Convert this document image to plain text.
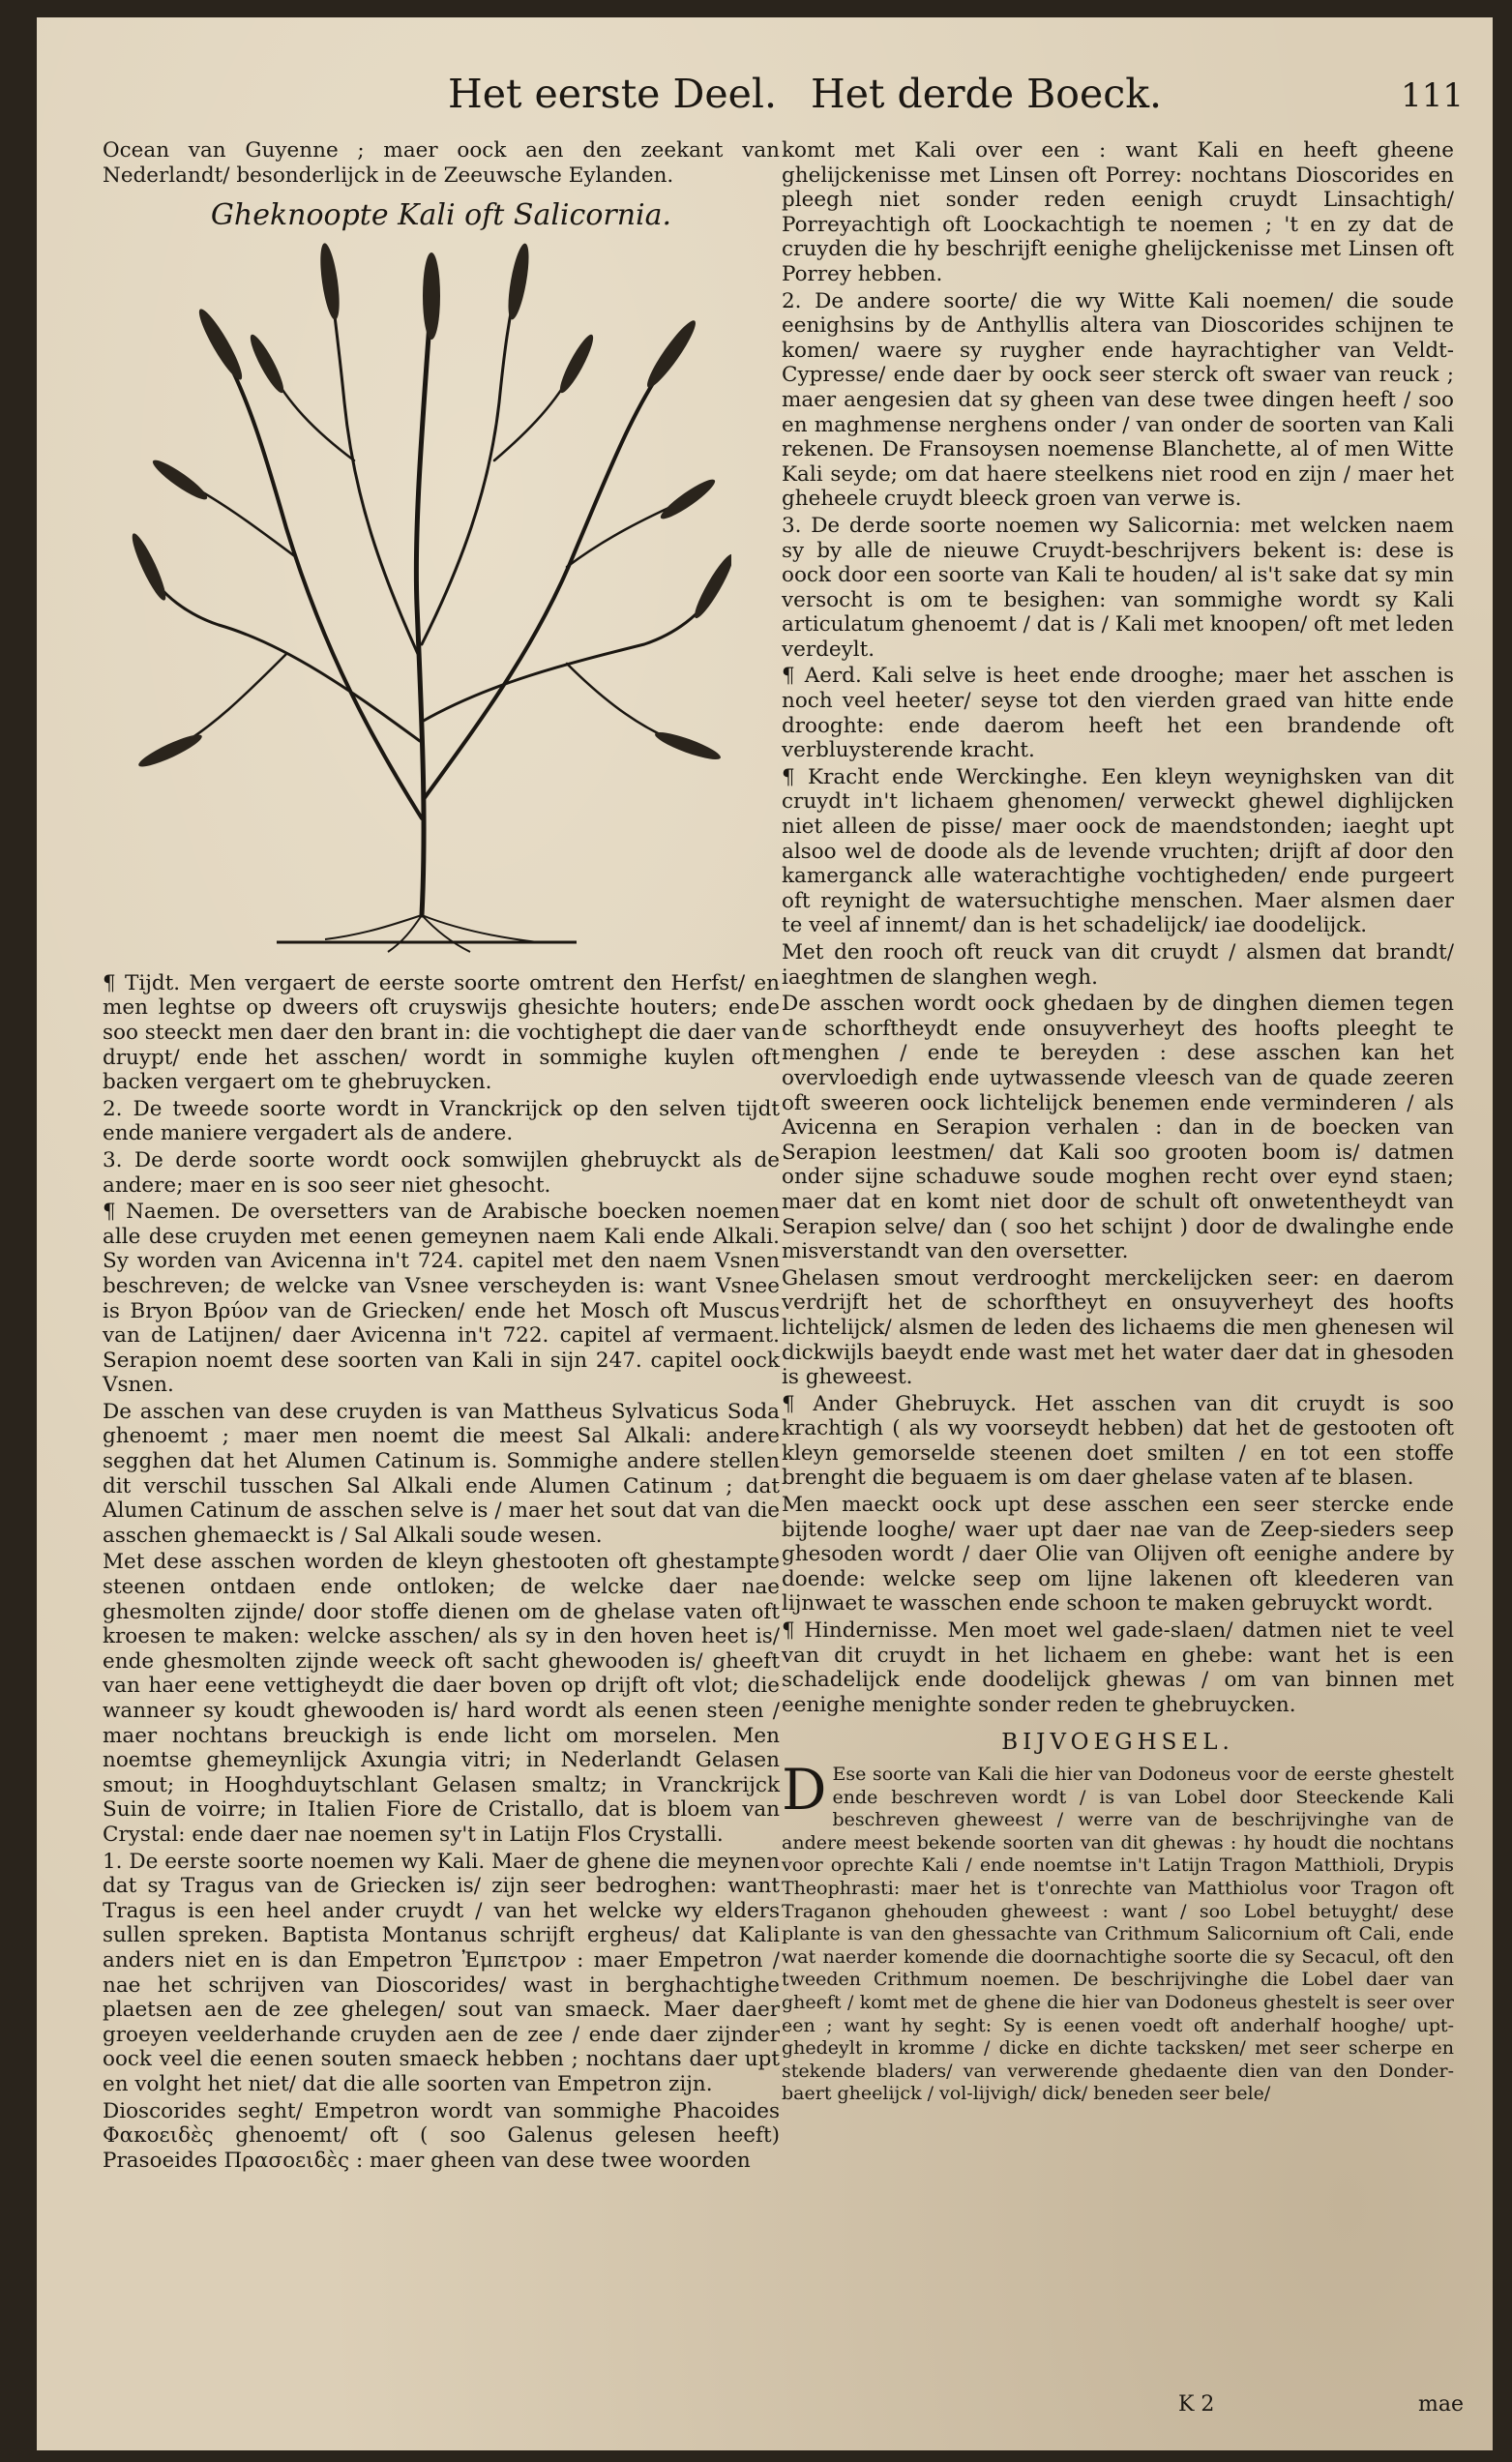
Het eerste Deel. Het derde Boeck.	111

Ocean van Guyenne ; maer oock aen den zeekant van Nederlandt/ besonderlijck in de Zeeuwsche Eylanden.

Gheknoopte Kali oft Salicornia.

¶ Tijdt. Men vergaert de eerste soorte omtrent den Herfst/ en men leghtse op dweers oft cruyswijs ghesichte houters; ende soo steeckt men daer den brant in: die vochtighept die daer van druypt/ ende het asschen/ wordt in sommighe kuylen oft backen vergaert om te ghebruycken.

2. De tweede soorte wordt in Vranckrijck op den selven tijdt ende maniere vergadert als de andere.

3. De derde soorte wordt oock somwijlen ghebruyckt als de andere; maer en is soo seer niet ghesocht.

¶ Naemen. De oversetters van de Arabische boecken noemen alle dese cruyden met eenen gemeynen naem Kali ende Alkali. Sy worden van Avicenna in't 724. capitel met den naem Vsnen beschreven; de welcke van Vsnee verscheyden is: want Vsnee is Bryon Βρύον van de Griecken/ ende het Mosch oft Muscus van de Latijnen/ daer Avicenna in't 722. capitel af vermaent. Serapion noemt dese soorten van Kali in sijn 247. capitel oock Vsnen.

De asschen van dese cruyden is van Mattheus Sylvaticus Soda ghenoemt ; maer men noemt die meest Sal Alkali: andere segghen dat het Alumen Catinum is. Sommighe andere stellen dit verschil tusschen Sal Alkali ende Alumen Catinum ; dat Alumen Catinum de asschen selve is / maer het sout dat van die asschen ghemaeckt is / Sal Alkali soude wesen.

Met dese asschen worden de kleyn ghestooten oft ghestampte steenen ontdaen ende ontloken; de welcke daer nae ghesmolten zijnde/ door stoffe dienen om de ghelase vaten oft kroesen te maken: welcke asschen/ als sy in den hoven heet is/ ende ghesmolten zijnde weeck oft sacht ghewooden is/ gheeft van haer eene vettigheydt die daer boven op drijft oft vlot; die wanneer sy koudt ghewooden is/ hard wordt als eenen steen / maer nochtans breuckigh is ende licht om morselen. Men noemtse ghemeynlijck Axungia vitri; in Nederlandt Gelasen smout; in Hooghduytschlant Gelasen smaltz; in Vranckrijck Suin de voirre; in Italien Fiore de Cristallo, dat is bloem van Crystal: ende daer nae noemen sy't in Latijn Flos Crystalli.

1. De eerste soorte noemen wy Kali. Maer de ghene die meynen dat sy Tragus van de Griecken is/ zijn seer bedroghen: want Tragus is een heel ander cruydt / van het welcke wy elders sullen spreken. Baptista Montanus schrijft ergheus/ dat Kali anders niet en is dan Empetron Ἐμπετρον : maer Empetron / nae het schrijven van Dioscorides/ wast in berghachtighe plaetsen aen de zee ghelegen/ sout van smaeck. Maer daer groeyen veelderhande cruyden aen de zee / ende daer zijnder oock veel die eenen souten smaeck hebben ; nochtans daer upt en volght het niet/ dat die alle soorten van Empetron zijn.

Dioscorides seght/ Empetron wordt van sommighe Phacoides Φακοειδὲς ghenoemt/ oft ( soo Galenus gelesen heeft) Prasoeides Πρασοειδὲς : maer gheen van dese twee woorden

komt met Kali over een : want Kali en heeft gheene ghelijckenisse met Linsen oft Porrey: nochtans Dioscorides en pleegh niet sonder reden eenigh cruydt Linsachtigh/ Porreyachtigh oft Loockachtigh te noemen ; 't en zy dat de cruyden die hy beschrijft eenighe ghelijckenisse met Linsen oft Porrey hebben.

2. De andere soorte/ die wy Witte Kali noemen/ die soude eenighsins by de Anthyllis altera van Dioscorides schijnen te komen/ waere sy ruygher ende hayrachtigher van Veldt-Cypresse/ ende daer by oock seer sterck oft swaer van reuck ; maer aengesien dat sy gheen van dese twee dingen heeft / soo en maghmense nerghens onder / van onder de soorten van Kali rekenen. De Fransoysen noemense Blanchette, al of men Witte Kali seyde; om dat haere steelkens niet rood en zijn / maer het gheheele cruydt bleeck groen van verwe is.

3. De derde soorte noemen wy Salicornia: met welcken naem sy by alle de nieuwe Cruydt-beschrijvers bekent is: dese is oock door een soorte van Kali te houden/ al is't sake dat sy min versocht is om te besighen: van sommighe wordt sy Kali articulatum ghenoemt / dat is / Kali met knoopen/ oft met leden verdeylt.

¶ Aerd. Kali selve is heet ende drooghe; maer het asschen is noch veel heeter/ seyse tot den vierden graed van hitte ende drooghte: ende daerom heeft het een brandende oft verbluysterende kracht.

¶ Kracht ende Werckinghe. Een kleyn weynighsken van dit cruydt in't lichaem ghenomen/ verweckt ghewel dighlijcken niet alleen de pisse/ maer oock de maendstonden; iaeght upt alsoo wel de doode als de levende vruchten; drijft af door den kamerganck alle waterachtighe vochtigheden/ ende purgeert oft reynight de watersuchtighe menschen. Maer alsmen daer te veel af innemt/ dan is het schadelijck/ iae doodelijck.

Met den rooch oft reuck van dit cruydt / alsmen dat brandt/ iaeghtmen de slanghen wegh.

De asschen wordt oock ghedaen by de dinghen diemen tegen de schorftheydt ende onsuyverheyt des hoofts pleeght te menghen / ende te bereyden : dese asschen kan het overvloedigh ende uytwassende vleesch van de quade zeeren oft sweeren oock lichtelijck benemen ende verminderen / als Avicenna en Serapion verhalen : dan in de boecken van Serapion leestmen/ dat Kali soo grooten boom is/ datmen onder sijne schaduwe soude moghen recht over eynd staen; maer dat en komt niet door de schult oft onwetentheydt van Serapion selve/ dan ( soo het schijnt ) door de dwalinghe ende misverstandt van den oversetter.

Ghelasen smout verdrooght merckelijcken seer: en daerom verdrijft het de schorftheyt en onsuyverheyt des hoofts lichtelijck/ alsmen de leden des lichaems die men ghenesen wil dickwijls baeydt ende wast met het water daer dat in ghesoden is gheweest.

¶ Ander Ghebruyck. Het asschen van dit cruydt is soo krachtigh ( als wy voorseydt hebben) dat het de gestooten oft kleyn gemorselde steenen doet smilten / en tot een stoffe brenght die beguaem is om daer ghelase vaten af te blasen.

Men maeckt oock upt dese asschen een seer stercke ende bijtende looghe/ waer upt daer nae van de Zeep-sieders seep ghesoden wordt / daer Olie van Olijven oft eenighe andere by doende: welcke seep om lijne lakenen oft kleederen van lijnwaet te wasschen ende schoon te maken gebruyckt wordt.

¶ Hindernisse. Men moet wel gade-slaen/ datmen niet te veel van dit cruydt in het lichaem en ghebe: want het is een schadelijck ende doodelijck ghewas / om van binnen met eenighe menighte sonder reden te ghebruycken.

BIJVOEGHSEL.

D Ese soorte van Kali die hier van Dodoneus voor de eerste ghestelt ende beschreven wordt / is van Lobel door Steeckende Kali beschreven gheweest / werre van de beschrijvinghe van de andere meest bekende soorten van dit ghewas : hy houdt die nochtans voor oprechte Kali / ende noemtse in't Latijn Tragon Matthioli, Drypis Theophrasti: maer het is t'onrechte van Matthiolus voor Tragon oft Traganon ghehouden gheweest : want / soo Lobel betuyght/ dese plante is van den ghessachte van Crithmum Salicornium oft Cali, ende wat naerder komende die doornachtighe soorte die sy Secacul, oft den tweeden Crithmum noemen. De beschrijvinghe die Lobel daer van gheeft / komt met de ghene die hier van Dodoneus ghestelt is seer over een ; want hy seght: Sy is eenen voedt oft anderhalf hooghe/ upt-ghedeylt in kromme / dicke en dichte tacksken/ met seer scherpe en stekende bladers/ van verwerende ghedaente dien van den Donder-baert gheelijck / vol-lijvigh/ dick/ beneden seer bele/

K 2	mae
